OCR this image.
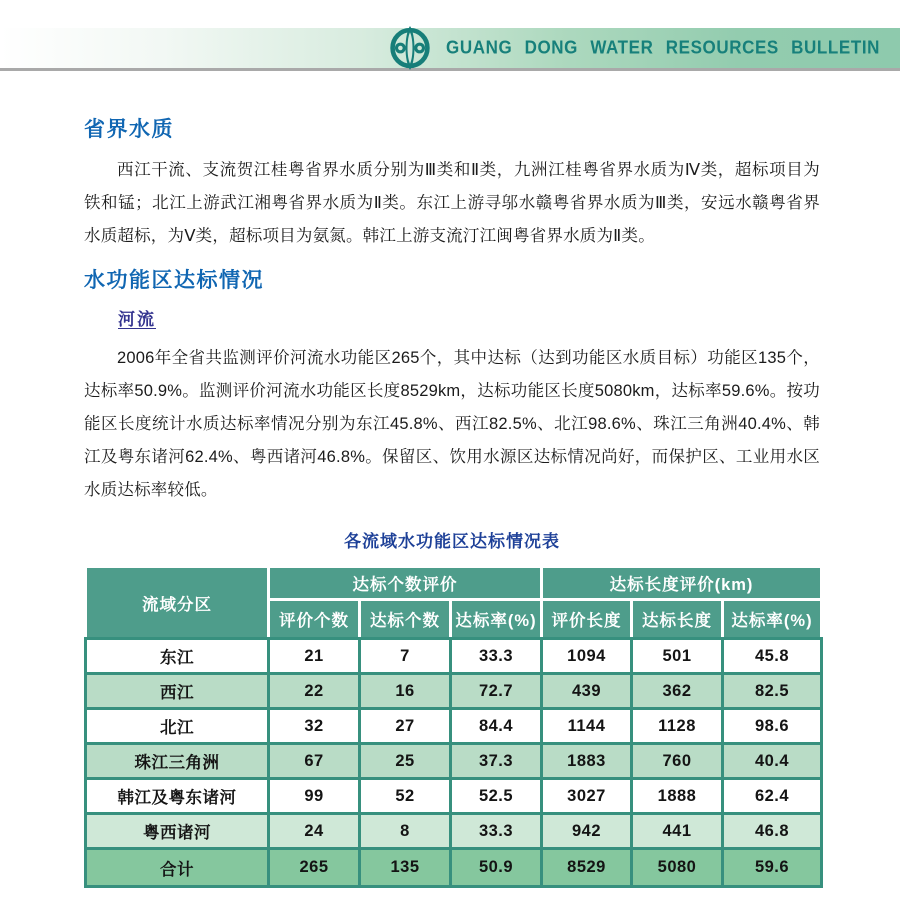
GUANG DONG WATER RESOURCES BULLETIN
省界水质

西江干流、支流贺江桂粤省界水质分别为Ⅲ类和Ⅱ类，九洲江桂粤省界水质为Ⅳ类，超标项目为铁和锰；北江上游武江湘粤省界水质为Ⅱ类。东江上游寻邬水赣粤省界水质为Ⅲ类，安远水赣粤省界水质超标，为Ⅴ类，超标项目为氨氮。韩江上游支流汀江闽粤省界水质为Ⅱ类。

水功能区达标情况
河流

2006年全省共监测评价河流水功能区265个，其中达标（达到功能区水质目标）功能区135个，达标率50.9%。监测评价河流水功能区长度8529km，达标功能区长度5080km，达标率59.6%。按功能区长度统计水质达标率情况分别为东江45.8%、西江82.5%、北江98.6%、珠江三角洲40.4%、韩江及粤东诸河62.4%、粤西诸河46.8%。保留区、饮用水源区达标情况尚好，而保护区、工业用水区水质达标率较低。

各流域水功能区达标情况表
流域分区	达标个数评价			达标长度评价(km)		
	评价个数	达标个数	达标率(%)	评价长度	达标长度	达标率(%)
东江	21	7	33.3	1094	501	45.8
西江	22	16	72.7	439	362	82.5
北江	32	27	84.4	1144	1128	98.6
珠江三角洲	67	25	37.3	1883	760	40.4
韩江及粤东诸河	99	52	52.5	3027	1888	62.4
粤西诸河	24	8	33.3	942	441	46.8
合计	265	135	50.9	8529	5080	59.6
